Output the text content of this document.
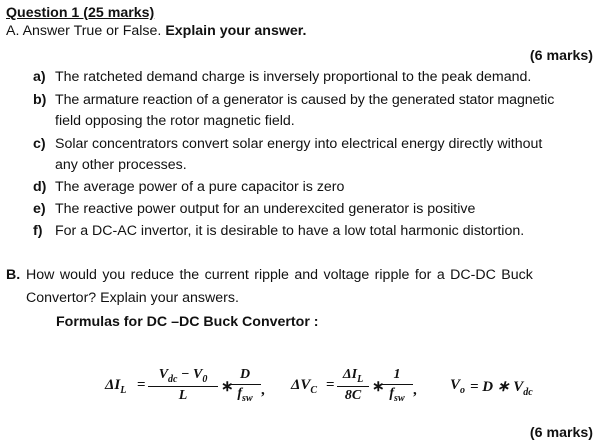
Question 1 (25 marks)
A. Answer True or False. Explain your answer.
(6 marks)
a) The ratcheted demand charge is inversely proportional to the peak demand.
b) The armature reaction of a generator is caused by the generated stator magnetic
field opposing the rotor magnetic field.
c) Solar concentrators convert solar energy into electrical energy directly without
any other processes.
d) The average power of a pure capacitor is zero
e) The reactive power output for an underexcited generator is positive
f) For a DC-AC invertor, it is desirable to have a low total harmonic distortion.
B. How would you reduce the current ripple and voltage ripple for a DC-DC Buck
Convertor? Explain your answers.
Formulas for DC –DC Buck Convertor :
$\Delta I_L$ =
$V_{dc} - V_0$
L
∗
D
$f_{sw}$
, $\Delta V_C$ =
$\Delta I_L$
8C
∗
1
$f_{sw}$
, $V_o = D$ ∗ $V_{dc}$
(6 marks)
